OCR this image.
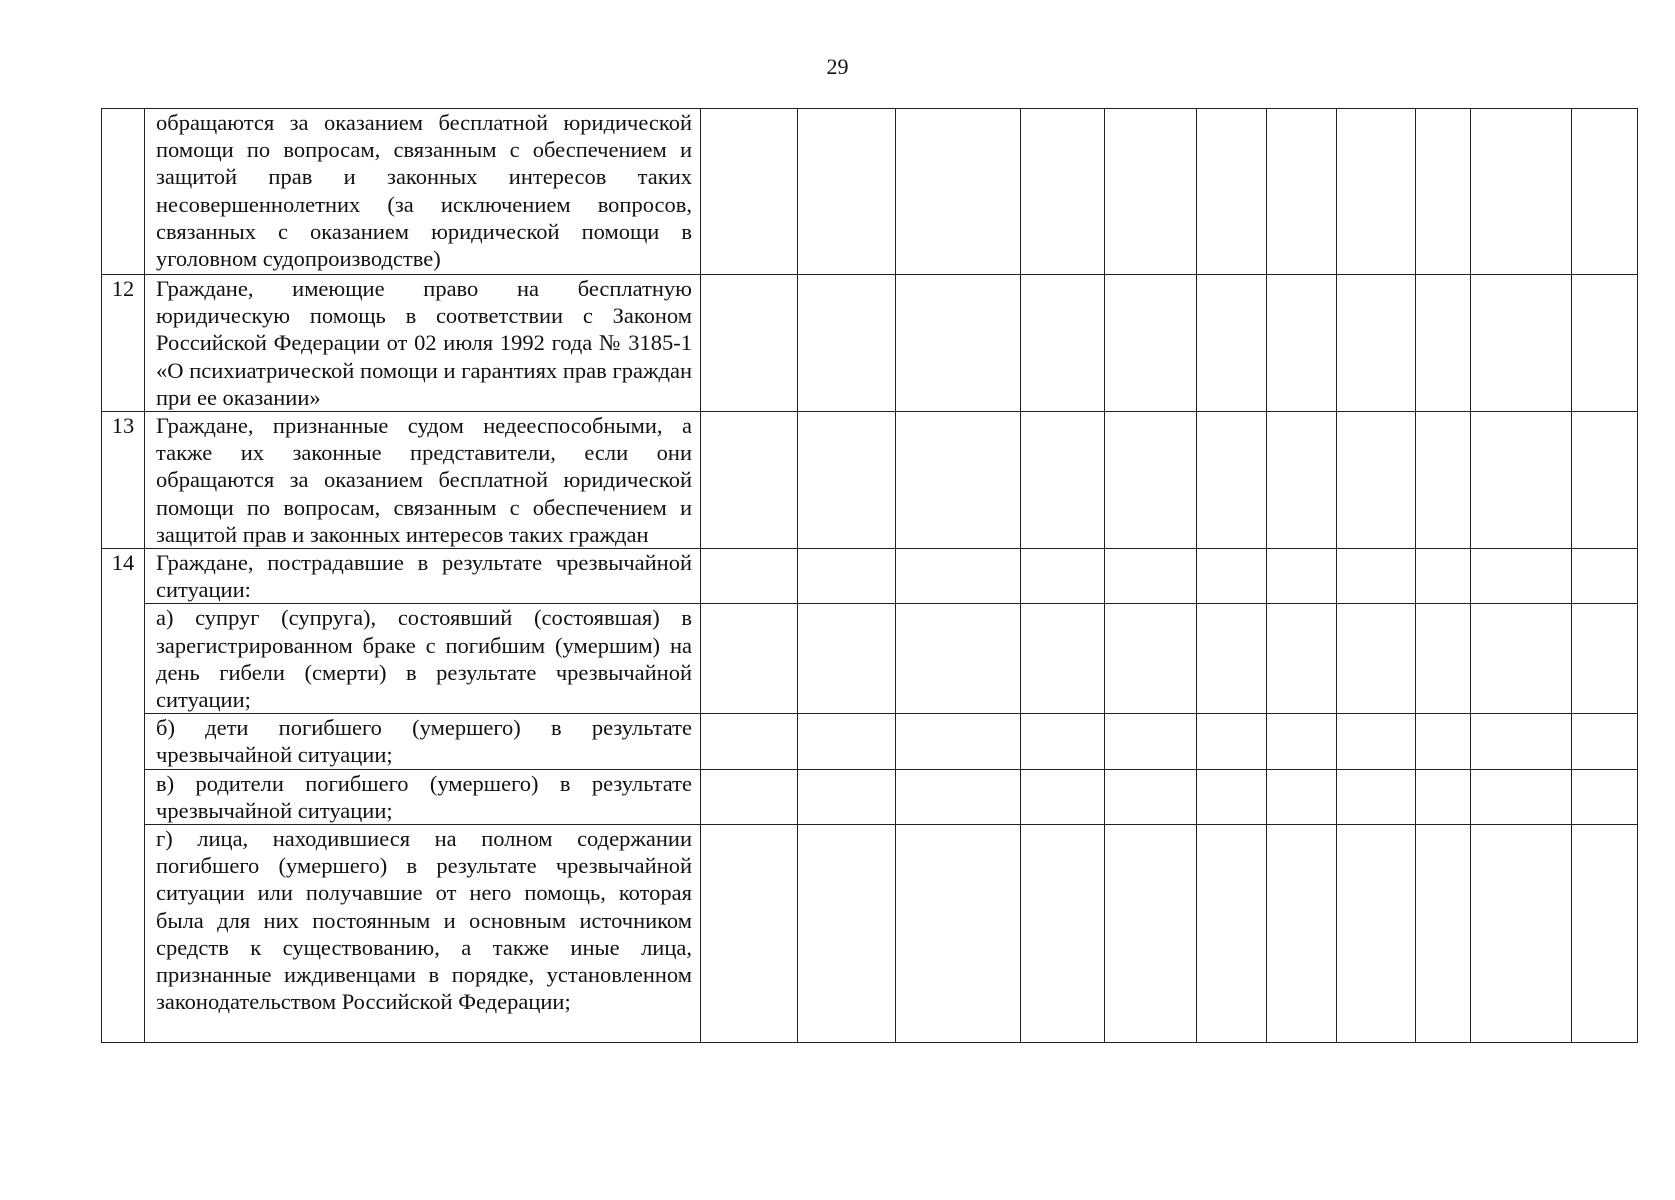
29
	обращаются за оказанием бесплатной юридической помощи по вопросам, связанным с обеспечением и защитой прав и законных интересов таких несовершеннолетних (за исключением вопросов, связанных с оказанием юридической помощи в уголовном судопроизводстве)											
12	Граждане, имеющие право на бесплатную юридическую помощь в соответствии с Законом Российской Федерации от 02 июля 1992 года № 3185-1 «О психиатрической помощи и гарантиях прав граждан при ее оказании»											
13	Граждане, признанные судом недееспособными, а также их законные представители, если они обращаются за оказанием бесплатной юридической помощи по вопросам, связанным с обеспечением и защитой прав и законных интересов таких граждан											
14	Граждане, пострадавшие в результате чрезвычайной ситуации:											
	а) супруг (супруга), состоявший (состоявшая) в зарегистрированном браке с погибшим (умершим) на день гибели (смерти) в результате чрезвычайной ситуации;											
	б) дети погибшего (умершего) в результате чрезвычайной ситуации;											
	в) родители погибшего (умершего) в результате чрезвычайной ситуации;											
	г) лица, находившиеся на полном содержании погибшего (умершего) в результате чрезвычайной ситуации или получавшие от него помощь, которая была для них постоянным и основным источником средств к существованию, а также иные лица, признанные иждивенцами в порядке, установленном законодательством Российской Федерации;											
